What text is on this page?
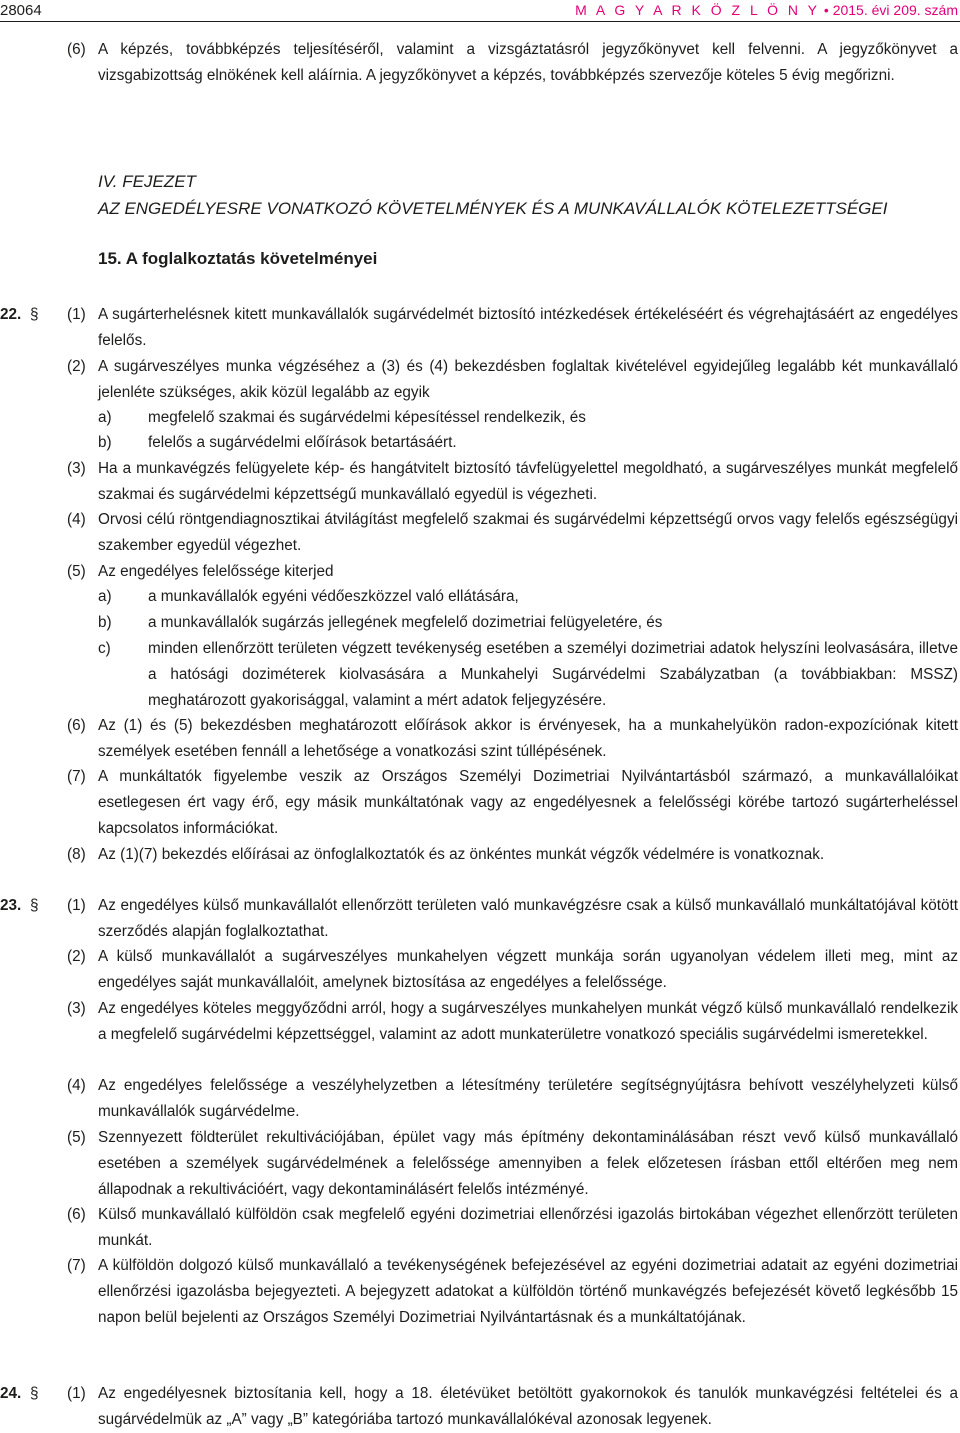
28064	M A G Y A R K Ö Z L Ö N Y • 2015. évi 209. szám
(6) A képzés, továbbképzés teljesítéséről, valamint a vizsgáztatásról jegyzőkönyvet kell felvenni. A jegyzőkönyvet a vizsgabizottság elnökének kell aláírnia. A jegyzőkönyvet a képzés, továbbképzés szervezője köteles 5 évig megőrizni.
IV. FEJEZET
AZ ENGEDÉLYESRE VONATKOZÓ KÖVETELMÉNYEK ÉS A MUNKAVÁLLALÓK KÖTELEZETTSÉGEI
15. A foglalkoztatás követelményei
22. § (1) A sugárterhelésnek kitett munkavállalók sugárvédelmét biztosító intézkedések értékeléséért és végrehajtásáért az engedélyes felelős.
(2) A sugárveszélyes munka végzéséhez a (3) és (4) bekezdésben foglaltak kivételével egyidejűleg legalább két munkavállaló jelenléte szükséges, akik közül legalább az egyik
a) megfelelő szakmai és sugárvédelmi képesítéssel rendelkezik, és
b) felelős a sugárvédelmi előírások betartásáért.
(3) Ha a munkavégzés felügyelete kép- és hangátvitelt biztosító távfelügyelettel megoldható, a sugárveszélyes munkát megfelelő szakmai és sugárvédelmi képzettségű munkavállaló egyedül is végezheti.
(4) Orvosi célú röntgendiagnosztikai átvilágítást megfelelő szakmai és sugárvédelmi képzettségű orvos vagy felelős egészségügyi szakember egyedül végezhet.
(5) Az engedélyes felelőssége kiterjed
a) a munkavállalók egyéni védőeszközzel való ellátására,
b) a munkavállalók sugárzás jellegének megfelelő dozimetriai felügyeletére, és
c) minden ellenőrzött területen végzett tevékenység esetében a személyi dozimetriai adatok helyszíni leolvasására, illetve a hatósági doziméterek kiolvasására a Munkahelyi Sugárvédelmi Szabályzatban (a továbbiakban: MSSZ) meghatározott gyakorisággal, valamint a mért adatok feljegyzésére.
(6) Az (1) és (5) bekezdésben meghatározott előírások akkor is érvényesek, ha a munkahelyükön radon-expozíciónak kitett személyek esetében fennáll a lehetősége a vonatkozási szint túllépésének.
(7) A munkáltatók figyelembe veszik az Országos Személyi Dozimetriai Nyilvántartásból származó, a munkavállalóikat esetlegesen ért vagy érő, egy másik munkáltatónak vagy az engedélyesnek a felelősségi körébe tartozó sugárterheléssel kapcsolatos információkat.
(8) Az (1)(7) bekezdés előírásai az önfoglalkoztatók és az önkéntes munkát végzők védelmére is vonatkoznak.
23. § (1) Az engedélyes külső munkavállalót ellenőrzött területen való munkavégzésre csak a külső munkavállaló munkáltatójával kötött szerződés alapján foglalkoztathat.
(2) A külső munkavállalót a sugárveszélyes munkahelyen végzett munkája során ugyanolyan védelem illeti meg, mint az engedélyes saját munkavállalóit, amelynek biztosítása az engedélyes a felelőssége.
(3) Az engedélyes köteles meggyőződni arról, hogy a sugárveszélyes munkahelyen munkát végző külső munkavállaló rendelkezik a megfelelő sugárvédelmi képzettséggel, valamint az adott munkaterületre vonatkozó speciális sugárvédelmi ismeretekkel.
(4) Az engedélyes felelőssége a veszélyhelyzetben a létesítmény területére segítségnyújtásra behívott veszélyhelyzeti külső munkavállalók sugárvédelme.
(5) Szennyezett földterület rekultivációjában, épület vagy más építmény dekontaminálásában részt vevő külső munkavállaló esetében a személyek sugárvédelmének a felelőssége amennyiben a felek előzetesen írásban ettől eltérően meg nem állapodnak a rekultivációért, vagy dekontaminálásért felelős intézményé.
(6) Külső munkavállaló külföldön csak megfelelő egyéni dozimetriai ellenőrzési igazolás birtokában végezhet ellenőrzött területen munkát.
(7) A külföldön dolgozó külső munkavállaló a tevékenységének befejezésével az egyéni dozimetriai adatait az egyéni dozimetriai ellenőrzési igazolásba bejegyezteti. A bejegyzett adatokat a külföldön történő munkavégzés befejezését követő legkésőbb 15 napon belül bejelenti az Országos Személyi Dozimetriai Nyilvántartásnak és a munkáltatójának.
24. § (1) Az engedélyesnek biztosítania kell, hogy a 18. életévüket betöltött gyakornokok és tanulók munkavégzési feltételei és a sugárvédelmük az „A” vagy „B” kategóriába tartozó munkavállalókéval azonosak legyenek.
